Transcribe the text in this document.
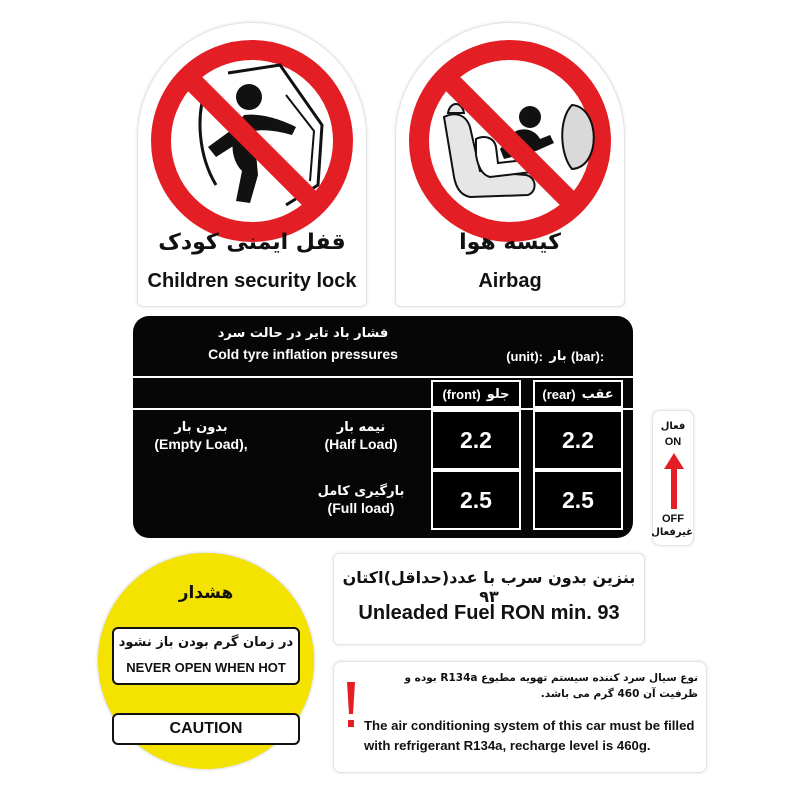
قفل ایمنی کودک
Children security lock
کیسه هوا
Airbag
فشار باد تایر در حالت سرد
Cold tyre inflation pressures	(unit): بار (bar):
(front) جلو	(rear) عقب
بدون بار
(Empty Load),
نیمه بار
(Half Load)	2.2	2.2
بارگیری کامل
(Full load)	2.5	2.5
فعال
ON
OFF
غیرفعال
هشدار
در زمان گرم بودن باز نشود
NEVER OPEN WHEN HOT
CAUTION
بنزین بدون سرب با عدد(حداقل)اکتان ۹۳
Unleaded Fuel RON min. 93
نوع سیال سرد کننده سیستم تهویه مطبوع R134a بوده و ظرفیت آن 460 گرم می باشد.
The air conditioning system of this car must be filled with refrigerant R134a, recharge level is 460g.
